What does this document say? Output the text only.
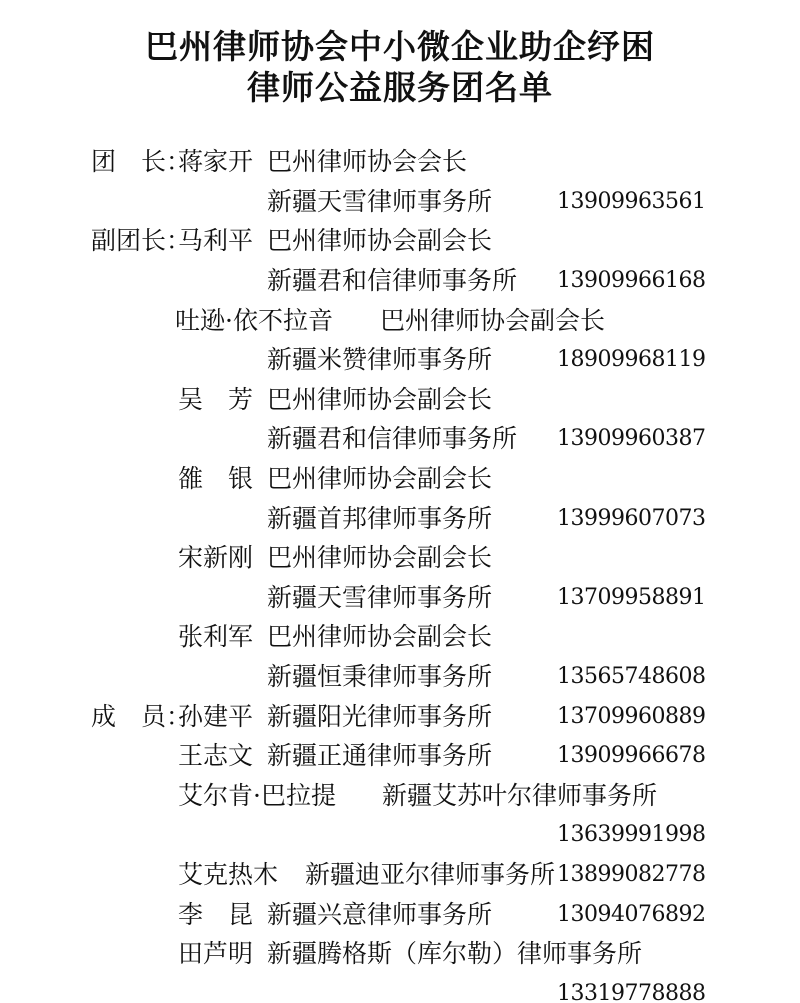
巴州律师协会中小微企业助企纾困
律师公益服务团名单
团　长：
蒋家开 巴州律师协会会长
新疆天雪律师事务所	13909963561
副团长：
马利平 巴州律师协会副会长
新疆君和信律师事务所 13909966168
吐逊·依不拉音 巴州律师协会副会长
新疆米赞律师事务所	18909968119
吴　芳 巴州律师协会副会长
新疆君和信律师事务所 13909960387
雒　银 巴州律师协会副会长
新疆首邦律师事务所	13999607073
宋新刚 巴州律师协会副会长
新疆天雪律师事务所	13709958891
张利军 巴州律师协会副会长
新疆恒秉律师事务所	13565748608
成　员：
孙建平 新疆阳光律师事务所	13709960889
王志文 新疆正通律师事务所	13909966678
艾尔肯·巴拉提 新疆艾苏叶尔律师事务所
13639991998
艾克热木 新疆迪亚尔律师事务所 13899082778
李　昆 新疆兴意律师事务所	13094076892
田芦明 新疆腾格斯（库尔勒）律师事务所
13319778888
